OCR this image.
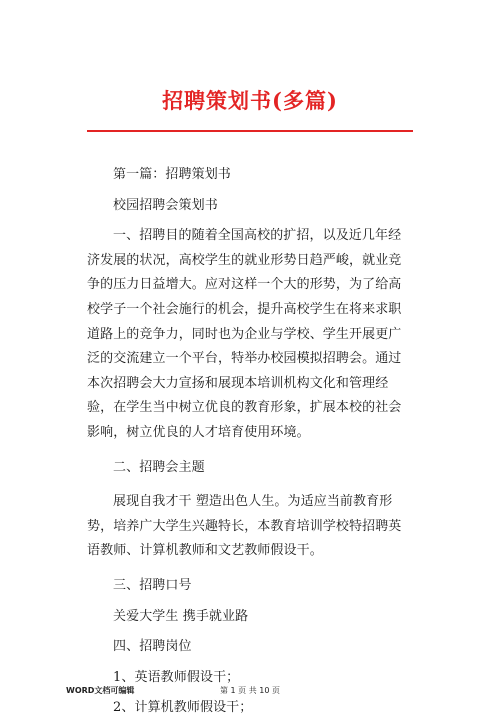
招聘策划书(多篇)

第一篇：招聘策划书

校园招聘会策划书

一、招聘目的随着全国高校的扩招，以及近几年经济发展的状况，高校学生的就业形势日趋严峻，就业竞争的压力日益增大。应对这样一个大的形势，为了给高校学子一个社会施行的机会，提升高校学生在将来求职道路上的竞争力，同时也为企业与学校、学生开展更广泛的交流建立一个平台，特举办校园模拟招聘会。通过本次招聘会大力宣扬和展现本培训机构文化和管理经验，在学生当中树立优良的教育形象，扩展本校的社会影响，树立优良的人才培育使用环境。

二、招聘会主题

展现自我才干 塑造出色人生。为适应当前教育形势，培养广大学生兴趣特长，本教育培训学校特招聘英语教师、计算机教师和文艺教师假设干。

三、招聘口号

关爱大学生 携手就业路

四、招聘岗位

1、英语教师假设干；

2、计算机教师假设干；

WORD文档可编辑	第 1 页 共 10 页
